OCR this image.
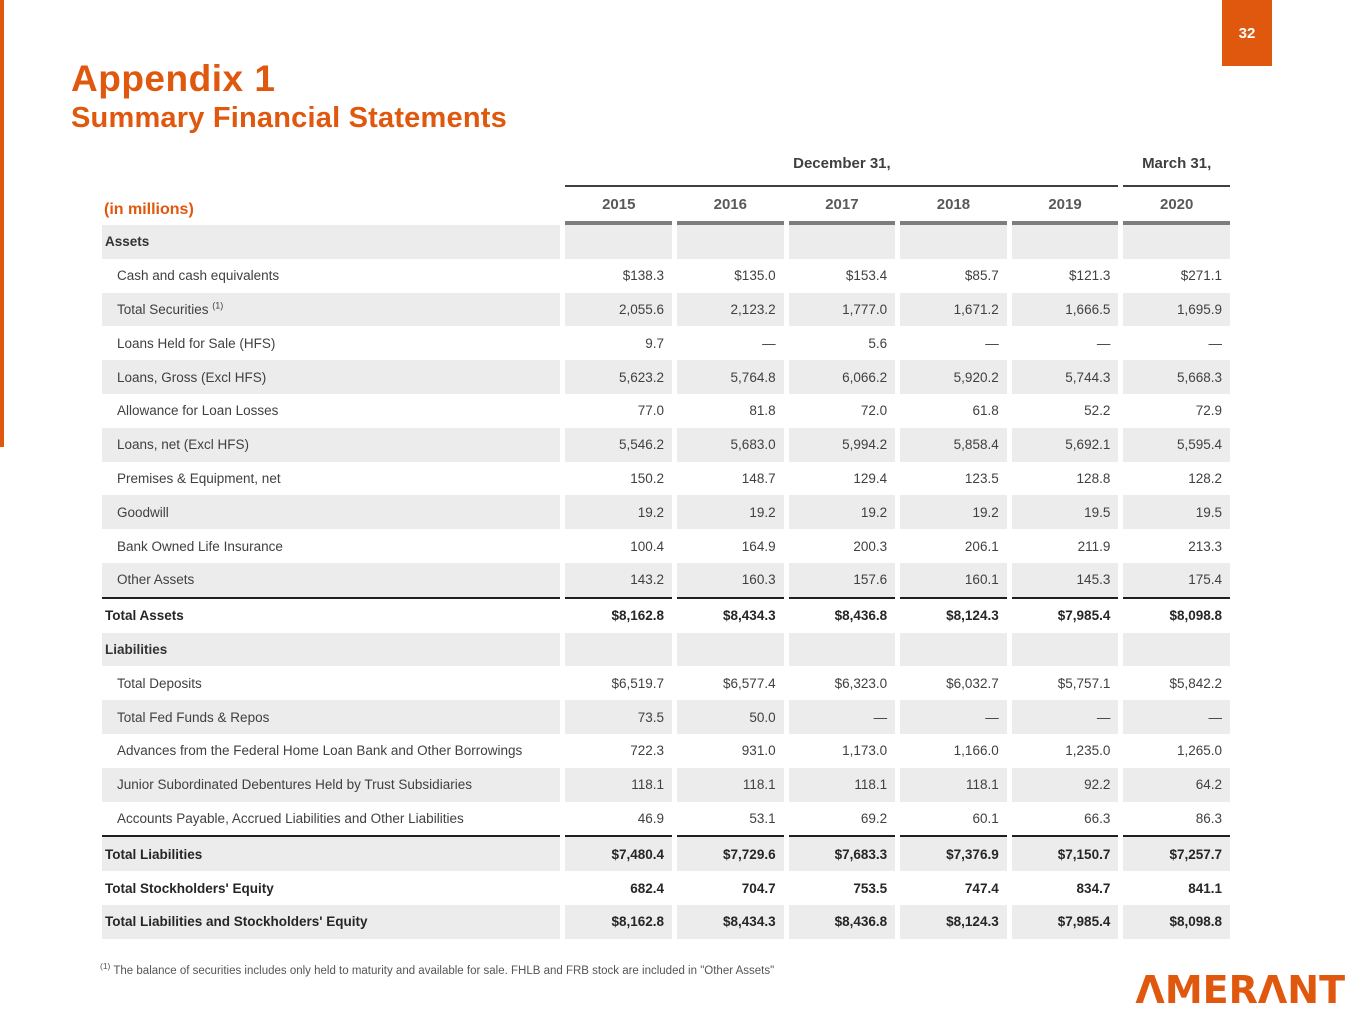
32
Appendix 1
Summary Financial Statements
	December 31,					March 31,
(in millions)	2015	2016	2017	2018	2019	2020
Assets						
Cash and cash equivalents	$138.3	$135.0	$153.4	$85.7	$121.3	$271.1
Total Securities $^{(1)}$	2,055.6	2,123.2	1,777.0	1,671.2	1,666.5	1,695.9
Loans Held for Sale (HFS)	9.7	—	5.6	—	—	—
Loans, Gross (Excl HFS)	5,623.2	5,764.8	6,066.2	5,920.2	5,744.3	5,668.3
Allowance for Loan Losses	77.0	81.8	72.0	61.8	52.2	72.9
Loans, net (Excl HFS)	5,546.2	5,683.0	5,994.2	5,858.4	5,692.1	5,595.4
Premises & Equipment, net	150.2	148.7	129.4	123.5	128.8	128.2
Goodwill	19.2	19.2	19.2	19.2	19.5	19.5
Bank Owned Life Insurance	100.4	164.9	200.3	206.1	211.9	213.3
Other Assets	143.2	160.3	157.6	160.1	145.3	175.4
Total Assets	$8,162.8	$8,434.3	$8,436.8	$8,124.3	$7,985.4	$8,098.8
Liabilities						
Total Deposits	$6,519.7	$6,577.4	$6,323.0	$6,032.7	$5,757.1	$5,842.2
Total Fed Funds & Repos	73.5	50.0	—	—	—	—
Advances from the Federal Home Loan Bank and Other Borrowings	722.3	931.0	1,173.0	1,166.0	1,235.0	1,265.0
Junior Subordinated Debentures Held by Trust Subsidiaries	118.1	118.1	118.1	118.1	92.2	64.2
Accounts Payable, Accrued Liabilities and Other Liabilities	46.9	53.1	69.2	60.1	66.3	86.3
Total Liabilities	$7,480.4	$7,729.6	$7,683.3	$7,376.9	$7,150.7	$7,257.7
Total Stockholders' Equity	682.4	704.7	753.5	747.4	834.7	841.1
Total Liabilities and Stockholders' Equity	$8,162.8	$8,434.3	$8,436.8	$8,124.3	$7,985.4	$8,098.8
$^{(1)}$ The balance of securities includes only held to maturity and available for sale. FHLB and FRB stock are included in "Other Assets"	ΛMERΛNT
